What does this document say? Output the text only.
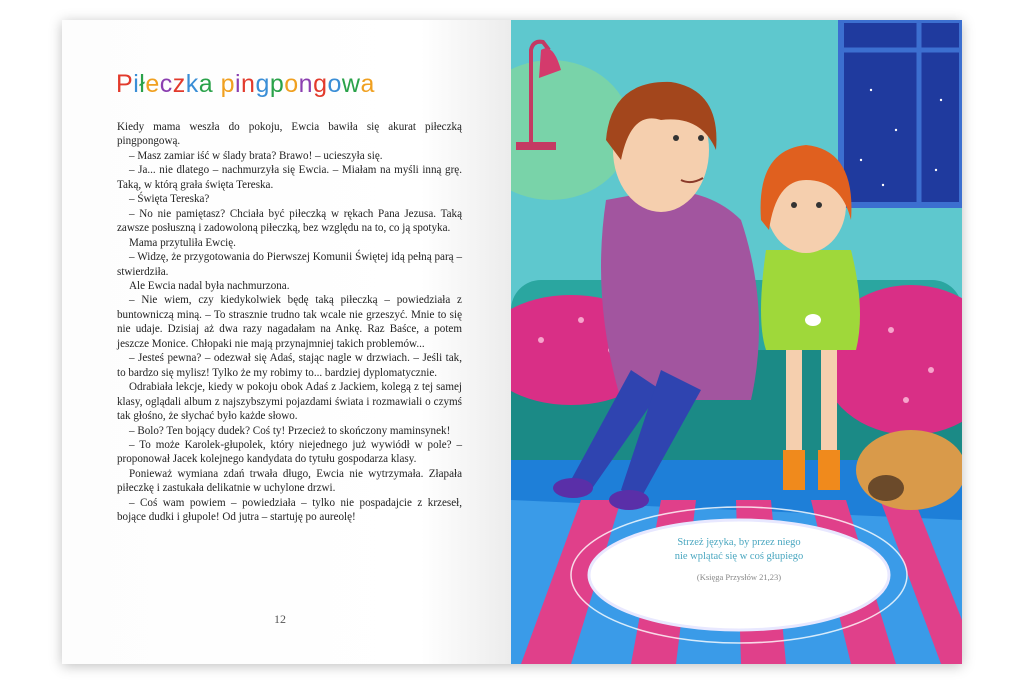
Piłeczka pingpongowa

Kiedy mama weszła do pokoju, Ewcia bawiła się akurat piłeczką pingpongową.

– Masz zamiar iść w ślady brata? Brawo! – ucieszyła się.

– Ja... nie dlatego – nachmurzyła się Ewcia. – Miałam na myśli inną grę. Taką, w którą grała święta Tereska.

– Święta Tereska?

– No nie pamiętasz? Chciała być piłeczką w rękach Pana Jezusa. Taką zawsze posłuszną i zadowoloną piłeczką, bez względu na to, co ją spotyka.

Mama przytuliła Ewcię.

– Widzę, że przygotowania do Pierwszej Komunii Świętej idą pełną parą – stwierdziła.

Ale Ewcia nadal była nachmurzona.

– Nie wiem, czy kiedykolwiek będę taką piłeczką – powiedziała z buntowniczą miną. – To strasznie trudno tak wcale nie grzeszyć. Mnie to się nie udaje. Dzisiaj aż dwa razy nagadałam na Ankę. Raz Baśce, a potem jeszcze Monice. Chłopaki nie mają przynajmniej takich problemów...

– Jesteś pewna? – odezwał się Adaś, stając nagle w drzwiach. – Jeśli tak, to bardzo się mylisz! Tylko że my robimy to... bardziej dyplomatycznie.

Odrabiała lekcje, kiedy w pokoju obok Adaś z Jackiem, kolegą z tej samej klasy, oglądali album z najszybszymi pojazdami świata i rozmawiali o czymś tak głośno, że słychać było każde słowo.

– Bolo? Ten bojący dudek? Coś ty! Przecież to skończony maminsynek!

– To może Karolek-głupolek, który niejednego już wywiódł w pole? – proponował Jacek kolejnego kandydata do tytułu gospodarza klasy.

Ponieważ wymiana zdań trwała długo, Ewcia nie wytrzymała. Złapała piłeczkę i zastukała delikatnie w uchylone drzwi.

– Coś wam powiem – powiedziała – tylko nie pospadajcie z krzeseł, bojące dudki i głupole! Od jutra – startuję po aureolę!

12
Strzeż języka, by przez niego
nie wplątać się w coś głupiego
(Księga Przysłów 21,23)
